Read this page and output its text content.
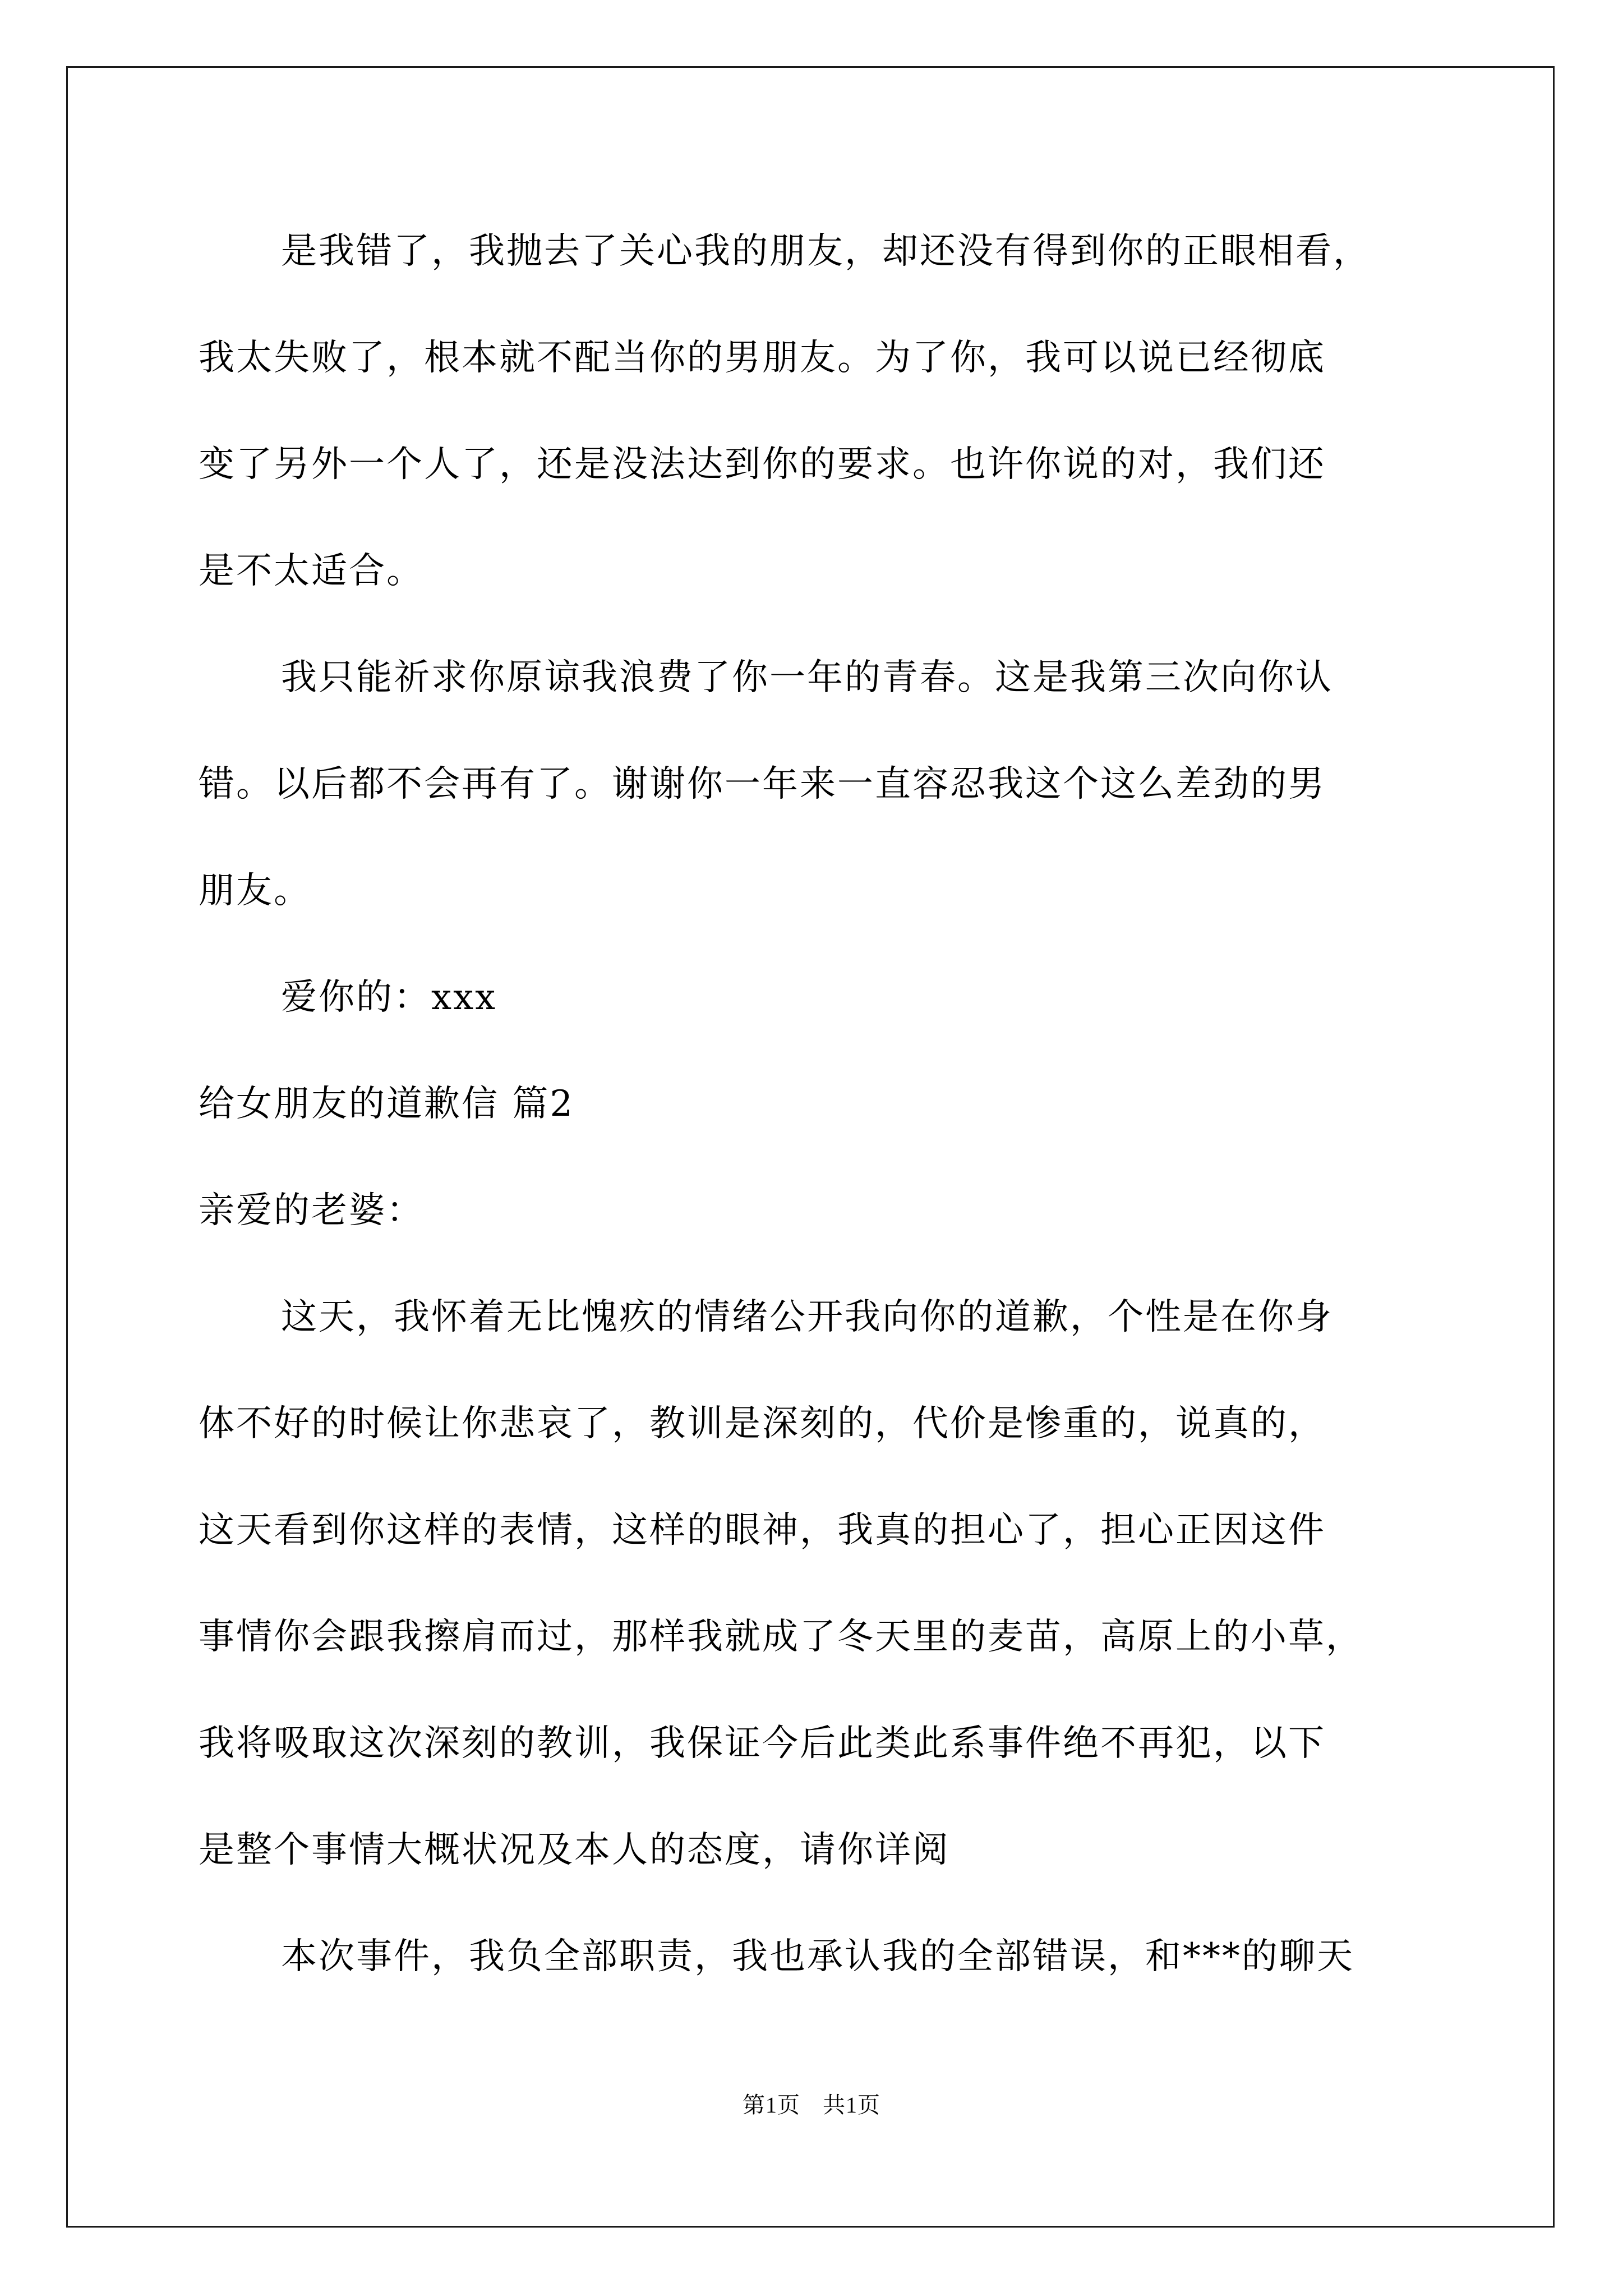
是我错了，我抛去了关心我的朋友，却还没有得到你的正眼相看，
我太失败了，根本就不配当你的男朋友。为了你，我可以说已经彻底
变了另外一个人了，还是没法达到你的要求。也许你说的对，我们还
是不太适合。
我只能祈求你原谅我浪费了你一年的青春。这是我第三次向你认
错。以后都不会再有了。谢谢你一年来一直容忍我这个这么差劲的男
朋友。
爱你的：xxx
给女朋友的道歉信 篇2
亲爱的老婆：
这天，我怀着无比愧疚的情绪公开我向你的道歉，个性是在你身
体不好的时候让你悲哀了，教训是深刻的，代价是惨重的，说真的，
这天看到你这样的表情，这样的眼神，我真的担心了，担心正因这件
事情你会跟我擦肩而过，那样我就成了冬天里的麦苗，高原上的小草，
我将吸取这次深刻的教训，我保证今后此类此系事件绝不再犯，以下
是整个事情大概状况及本人的态度，请你详阅
本次事件，我负全部职责，我也承认我的全部错误，和***的聊天
第1页 共1页
